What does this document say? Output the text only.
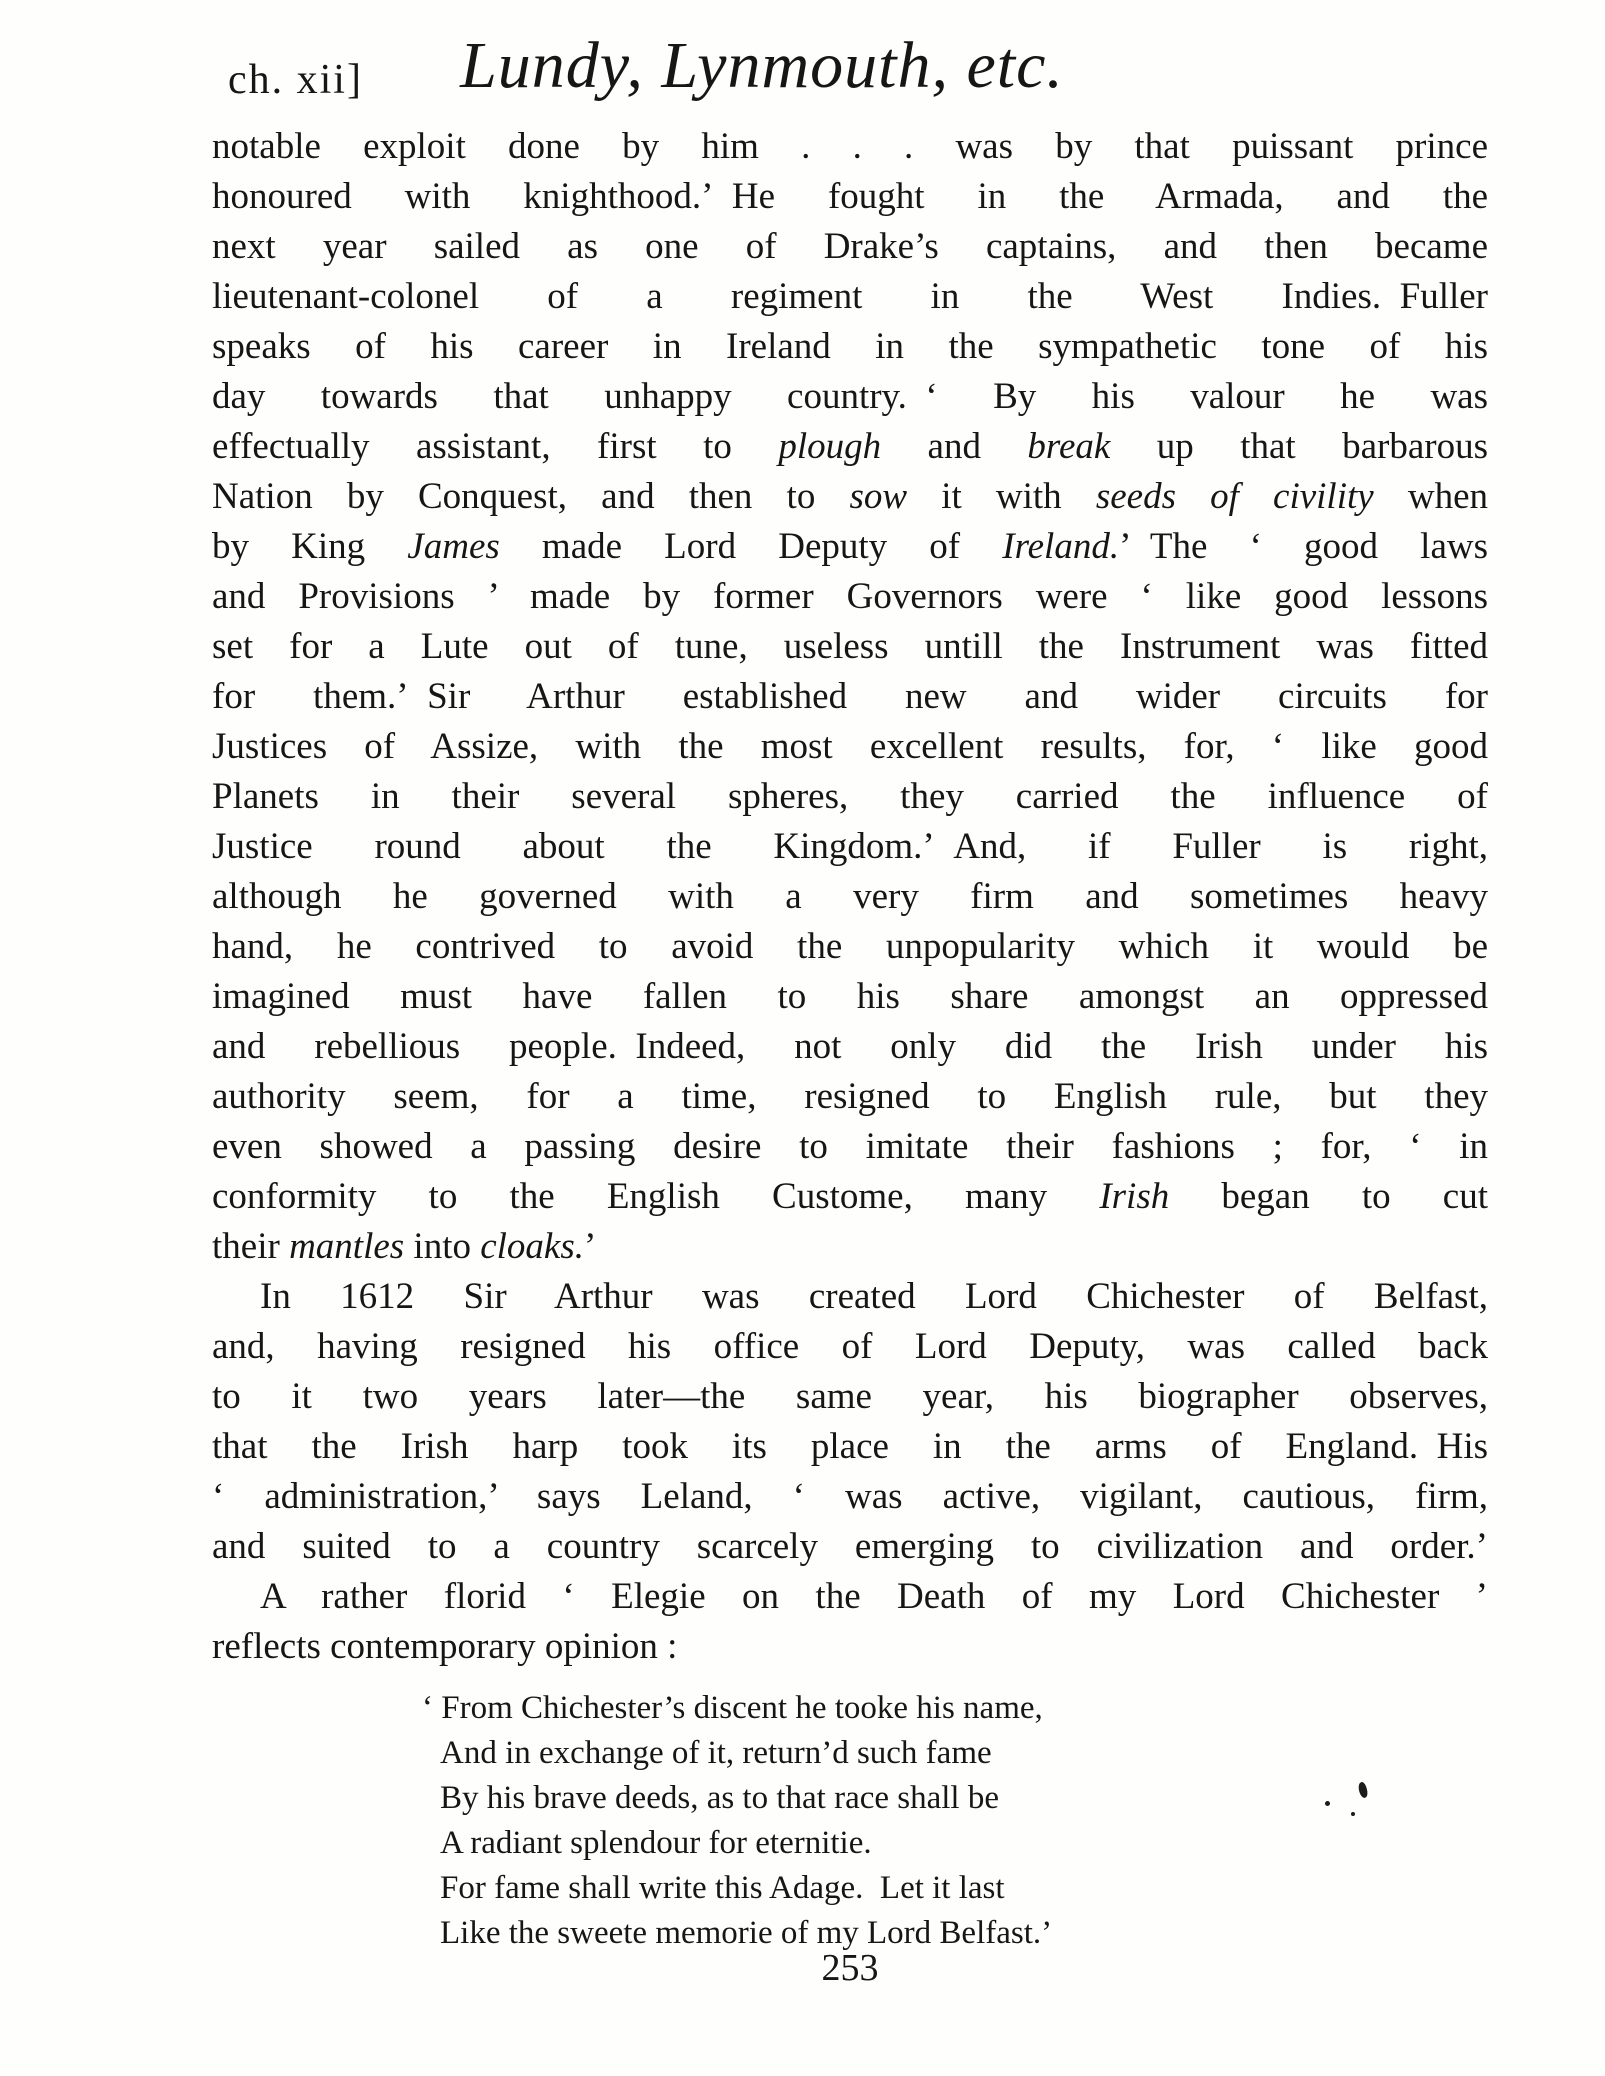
Lundy, Lynmouth, etc.
ch. xii]
notable exploit done by him . . . was by that puissant prince
honoured with knighthood.’ He fought in the Armada, and the
next year sailed as one of Drake’s captains, and then became
lieutenant-colonel of a regiment in the West Indies. Fuller
speaks of his career in Ireland in the sympathetic tone of his
day towards that unhappy country. ‘ By his valour he was
effectually assistant, first to plough and break up that barbarous
Nation by Conquest, and then to sow it with seeds of civility when
by King James made Lord Deputy of Ireland.’ The ‘ good laws
and Provisions ’ made by former Governors were ‘ like good lessons
set for a Lute out of tune, useless untill the Instrument was fitted
for them.’ Sir Arthur established new and wider circuits for
Justices of Assize, with the most excellent results, for, ‘ like good
Planets in their several spheres, they carried the influence of
Justice round about the Kingdom.’ And, if Fuller is right,
although he governed with a very firm and sometimes heavy
hand, he contrived to avoid the unpopularity which it would be
imagined must have fallen to his share amongst an oppressed
and rebellious people. Indeed, not only did the Irish under his
authority seem, for a time, resigned to English rule, but they
even showed a passing desire to imitate their fashions ; for, ‘ in
conformity to the English Custome, many Irish began to cut
their mantles into cloaks.’
In 1612 Sir Arthur was created Lord Chichester of Belfast,
and, having resigned his office of Lord Deputy, was called back
to it two years later—the same year, his biographer observes,
that the Irish harp took its place in the arms of England. His
‘ administration,’ says Leland, ‘ was active, vigilant, cautious, firm,
and suited to a country scarcely emerging to civilization and order.’
A rather florid ‘ Elegie on the Death of my Lord Chichester ’
reflects contemporary opinion :
‘ From Chichester’s discent he tooke his name,
And in exchange of it, return’d such fame
By his brave deeds, as to that race shall be
A radiant splendour for eternitie.
For fame shall write this Adage. Let it last
Like the sweete memorie of my Lord Belfast.’
253
